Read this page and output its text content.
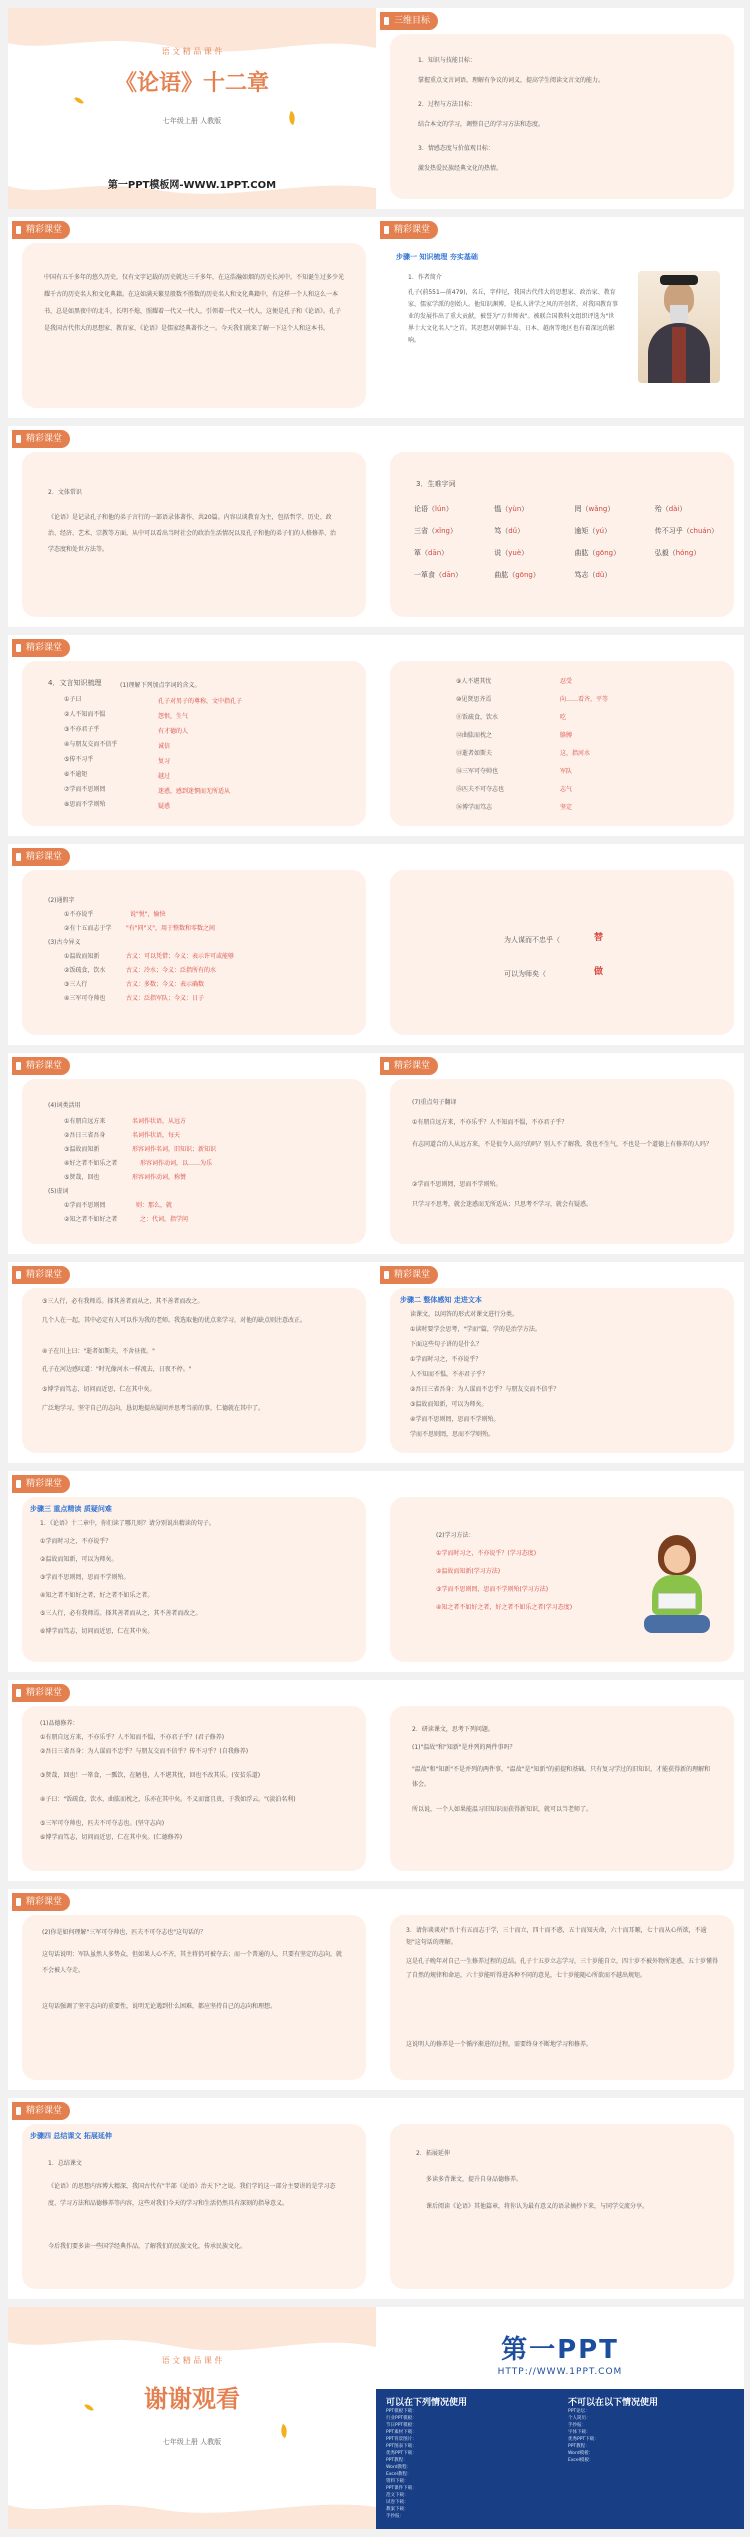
语 文 精 品 课 件
《论语》十二章
七年级上册 人教版
第一PPT模板网-WWW.1PPT.COM
三维目标
1．知识与技能目标：
掌握重点文言词语，理解有争议的词义，提高学生阅读文言文的能力。
2．过程与方法目标：
结合本文的学习，调整自己的学习方法和态度。
3．情感态度与价值观目标：
激发热爱民族经典文化的热情。
精彩课堂
中国有五千多年的悠久历史，仅有文字记载的历史就达三千多年，在这浩瀚如烟的历史长河中，不知诞生过多少光耀千古的历史名人和文化典籍。在这如满天繁星般数不胜数的历史名人和文化典籍中，有这样一个人和这么一本书，总是如黑夜中的北斗，长明不熄，照耀着一代又一代人，引领着一代又一代人，这便是孔子和《论语》。孔子是我国古代伟大的思想家、教育家，《论语》是儒家经典著作之一。今天我们就来了解一下这个人和这本书。
精彩课堂
步骤一 知识梳理 夯实基础
1．作者简介
孔子(前551—前479)，名丘，字仲尼，我国古代伟大的思想家、政治家、教育家，儒家学派的创始人。他知识渊博，是私人讲学之风的开创者，对我国教育事业的发展作出了重大贡献，被誉为"万世师表"。被联合国教科文组织评选为"世界十大文化名人"之首。其思想对朝鲜半岛、日本、越南等地区也有着深远的影响。
精彩课堂
2．文体常识
《论语》是记录孔子和他的弟子言行的一部语录体著作，共20篇。内容以谈教育为主，包括哲学、历史、政治、经济、艺术、宗教等方面，从中可以看出当时社会的政治生活情况以及孔子和他的弟子们的人格修养、治学态度和处世方法等。
3．生难字词
论语（lún）	愠（yùn）	罔（wǎng）	殆（dài）
三省（xǐng）	笃（dǔ）	逾矩（yú）	传不习乎（chuán）
箪（dān）	说（yuè）	曲肱（gōng）	弘毅（hóng）
一箪食（dān）	曲肱（gōng）	笃志（dǔ）
精彩课堂
4．文言知识梳理	(1)理解下列加点字词的含义。
①子曰	孔子对男子的尊称，文中指孔子
②人不知而不愠	怨恨，生气
③不亦君子乎	有才德的人
④与朋友交而不信乎	诚信
⑤传不习乎	复习
⑥不逾矩	越过
⑦学而不思则罔	迷惑，感到迷惘而无所适从
⑧思而不学则殆	疑惑
⑨人不堪其忧	忍受
⑩见贤思齐焉	向……看齐，平等
⑪饭疏食，饮水	吃
⑫曲肱而枕之	胳膊
⑬逝者如斯夫	这，指河水
⑭三军可夺帅也	军队
⑮匹夫不可夺志也	志气
⑯博学而笃志	坚定
精彩课堂
(2)通假字
①不亦说乎	说"悦"，愉快
②有十五而志于学 "有"同"又"，用于整数和零数之间
(3)古今异义
①温故而知新	古义：可以凭借；今义：表示许可或能够
②饭疏食，饮水	古义：冷水；今义：泛指所有的水
③三人行	古义：多数；今义：表示确数
④三军可夺帅也	古义：泛指军队；今义：日子
为人谋而不忠乎（	替
可以为师矣（	做
精彩课堂
(4)词类活用
①有朋自远方来	名词作状语，从远方
②吾日三省吾身	名词作状语，每天
③温故而知新	形容词作名词，旧知识；新知识
④好之者不如乐之者	形容词作动词，以……为乐
⑤贤哉，回也	形容词作动词，称赞
(5)虚词
①学而不思则罔	则：那么，就
②知之者不如好之者	之：代词，指学问
精彩课堂
(7)重点句子翻译
①有朋自远方来，不亦乐乎？人不知而不愠，不亦君子乎？
有志同道合的人从远方来，不是很令人高兴的吗？别人不了解我，我也不生气，不也是一个道德上有修养的人吗？
②学而不思则罔，思而不学则殆。
只学习不思考，就会迷惑而无所适从；只思考不学习，就会有疑惑。
精彩课堂
③三人行，必有我师焉。择其善者而从之，其不善者而改之。
几个人在一起，其中必定有人可以作为我的老师。我选取他的优点来学习，对他的缺点则注意改正。
④子在川上曰："逝者如斯夫，不舍昼夜。"
孔子在河边感叹道："时光像河水一样流去，日夜不停。"
⑤博学而笃志，切问而近思，仁在其中矣。
广泛地学习，坚守自己的志向，恳切地提出疑问并思考当前的事，仁德就在其中了。
精彩课堂
步骤二 整体感知 走进文本
读课文，以问答的形式对课文进行分类。
①读时要学会思考，"学而"篇，学的是治学方法。
下面这些句子讲的是什么？
①学而时习之，不亦说乎？
人不知而不愠，不亦君子乎？
②吾日三省吾身：为人谋而不忠乎？与朋友交而不信乎？
③温故而知新，可以为师矣。
④学而不思则罔，思而不学则殆。
学而不思则罔，思而不学则殆。
精彩课堂
步骤三 重点精读 质疑问难
1．《论语》十二章中，你们读了哪几则？请分别说出精读的句子。
①学而时习之，不亦说乎？
②温故而知新，可以为师矣。
③学而不思则罔，思而不学则殆。
④知之者不如好之者，好之者不如乐之者。
⑤三人行，必有我师焉。择其善者而从之，其不善者而改之。
⑥博学而笃志，切问而近思，仁在其中矣。
(2)学习方法：
①学而时习之，不亦说乎？(学习态度)
②温故而知新(学习方法)
③学而不思则罔，思而不学则殆(学习方法)
④知之者不如好之者，好之者不如乐之者(学习态度)
精彩课堂
(1)品德修养：
①有朋自远方来，不亦乐乎？人不知而不愠，不亦君子乎？(君子修养)
②吾日三省吾身：为人谋而不忠乎？与朋友交而不信乎？传不习乎？(自我修养)
③贤哉，回也！一箪食，一瓢饮，在陋巷，人不堪其忧，回也不改其乐。(安贫乐道)
④子曰："饭疏食，饮水，曲肱而枕之，乐亦在其中矣。不义而富且贵，于我如浮云。"(淡泊名利)
⑤三军可夺帅也，匹夫不可夺志也。(坚守志向)
⑥博学而笃志，切问而近思，仁在其中矣。(仁德修养)
2．研读课文，思考下列问题。
(1)"温故"和"知新"是并列的两件事吗？
"温故"和"知新"不是并列的两件事，"温故"是"知新"的前提和基础。只有复习学过的旧知识，才能获得新的理解和体会。
所以说，一个人如果能温习旧知识而获得新知识，就可以当老师了。
精彩课堂
(2)你是如何理解"三军可夺帅也，匹夫不可夺志也"这句话的？
这句话说明：军队虽然人多势众，但如果人心不齐，其主将仍可被夺去；而一个普通的人，只要有坚定的志向，就不会被人夺走。
这句话强调了坚守志向的重要性，说明无论遇到什么困难，都应坚持自己的志向和理想。
3．请你谈谈对"吾十有五而志于学，三十而立，四十而不惑，五十而知天命，六十而耳顺，七十而从心所欲，不逾矩"这句话的理解。
这是孔子晚年对自己一生修养过程的总结。孔子十五岁立志学习，三十岁能自立，四十岁不被外物所迷惑，五十岁懂得了自然的规律和命运，六十岁能听得进各种不同的意见，七十岁能随心所欲而不越出规矩。
这说明人的修养是一个循序渐进的过程，需要终身不断地学习和修养。
精彩课堂
步骤四 总结课文 拓展延伸
1．总结课文
《论语》的思想内容博大精深，我国古代有"半部《论语》治天下"之说。我们学的这一部分主要讲的是学习态度、学习方法和品德修养等内容，这些对我们今天的学习和生活仍然具有深刻的指导意义。
今后我们要多读一些国学经典作品，了解我们的民族文化，传承民族文化。
2．拓展延伸
多读多背课文，提升自身品德修养。
课后阅读《论语》其他篇章，将你认为最有意义的语录摘抄下来，与同学交流分享。
语 文 精 品 课 件
谢谢观看
七年级上册 人教版
第一PPT
HTTP://WWW.1PPT.COM
可以在下列情况使用	不可以在以下情况使用
PPT模板下载：
行业PPT模板：
节日PPT模板：
PPT素材下载：
PPT背景图片：
PPT图表下载：
优秀PPT下载：
PPT教程：
Word教程：
Excel教程：
资料下载：
PPT课件下载：
范文下载：
试卷下载：
教案下载：
手抄报：
PPT论坛：
个人简历：
手抄报：
字体下载：
优秀PPT下载：
PPT教程：
Word模板：
Excel模板：
